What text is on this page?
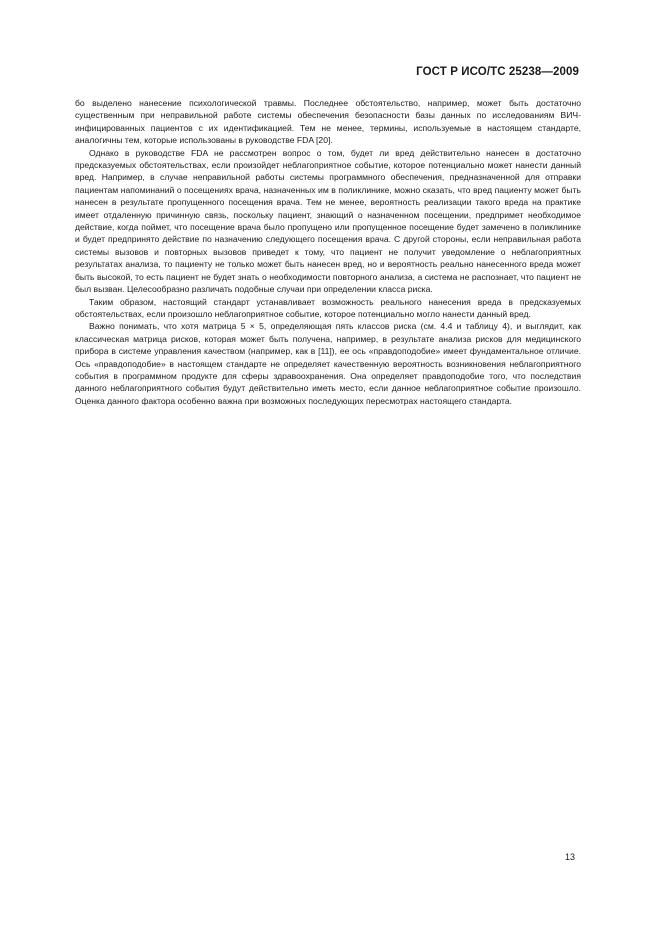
ГОСТ Р ИСО/ТС 25238—2009

бо выделено нанесение психологической травмы. Последнее обстоятельство, например, может быть достаточно существенным при неправильной работе системы обеспечения безопасности базы данных по исследованиям ВИЧ-инфицированных пациентов с их идентификацией. Тем не менее, термины, используемые в настоящем стандарте, аналогичны тем, которые использованы в руководстве FDA [20].

Однако в руководстве FDA не рассмотрен вопрос о том, будет ли вред действительно нанесен в достаточно предсказуемых обстоятельствах, если произойдет неблагоприятное событие, которое потенциально может нанести данный вред. Например, в случае неправильной работы системы программного обеспечения, предназначенной для отправки пациентам напоминаний о посещениях врача, назначенных им в поликлинике, можно сказать, что вред пациенту может быть нанесен в результате пропущенного посещения врача. Тем не менее, вероятность реализации такого вреда на практике имеет отдаленную причинную связь, поскольку пациент, знающий о назначенном посещении, предпримет необходимое действие, когда поймет, что посещение врача было пропущено или пропущенное посещение будет замечено в поликлинике и будет предпринято действие по назначению следующего посещения врача. С другой стороны, если неправильная работа системы вызовов и повторных вызовов приведет к тому, что пациент не получит уведомление о неблагоприятных результатах анализа, то пациенту не только может быть нанесен вред, но и вероятность реально нанесенного вреда может быть высокой, то есть пациент не будет знать о необходимости повторного анализа, а система не распознает, что пациент не был вызван. Целесообразно различать подобные случаи при определении класса риска.

Таким образом, настоящий стандарт устанавливает возможность реального нанесения вреда в предсказуемых обстоятельствах, если произошло неблагоприятное событие, которое потенциально могло нанести данный вред.

Важно понимать, что хотя матрица 5 × 5, определяющая пять классов риска (см. 4.4 и таблицу 4), и выглядит, как классическая матрица рисков, которая может быть получена, например, в результате анализа рисков для медицинского прибора в системе управления качеством (например, как в [11]), ее ось «правдоподобие» имеет фундаментальное отличие. Ось «правдоподобие» в настоящем стандарте не определяет качественную вероятность возникновения неблагоприятного события в программном продукте для сферы здравоохранения. Она определяет правдоподобие того, что последствия данного неблагоприятного события будут действительно иметь место, если данное неблагоприятное событие произошло. Оценка данного фактора особенно важна при возможных последующих пересмотрах настоящего стандарта.

13
